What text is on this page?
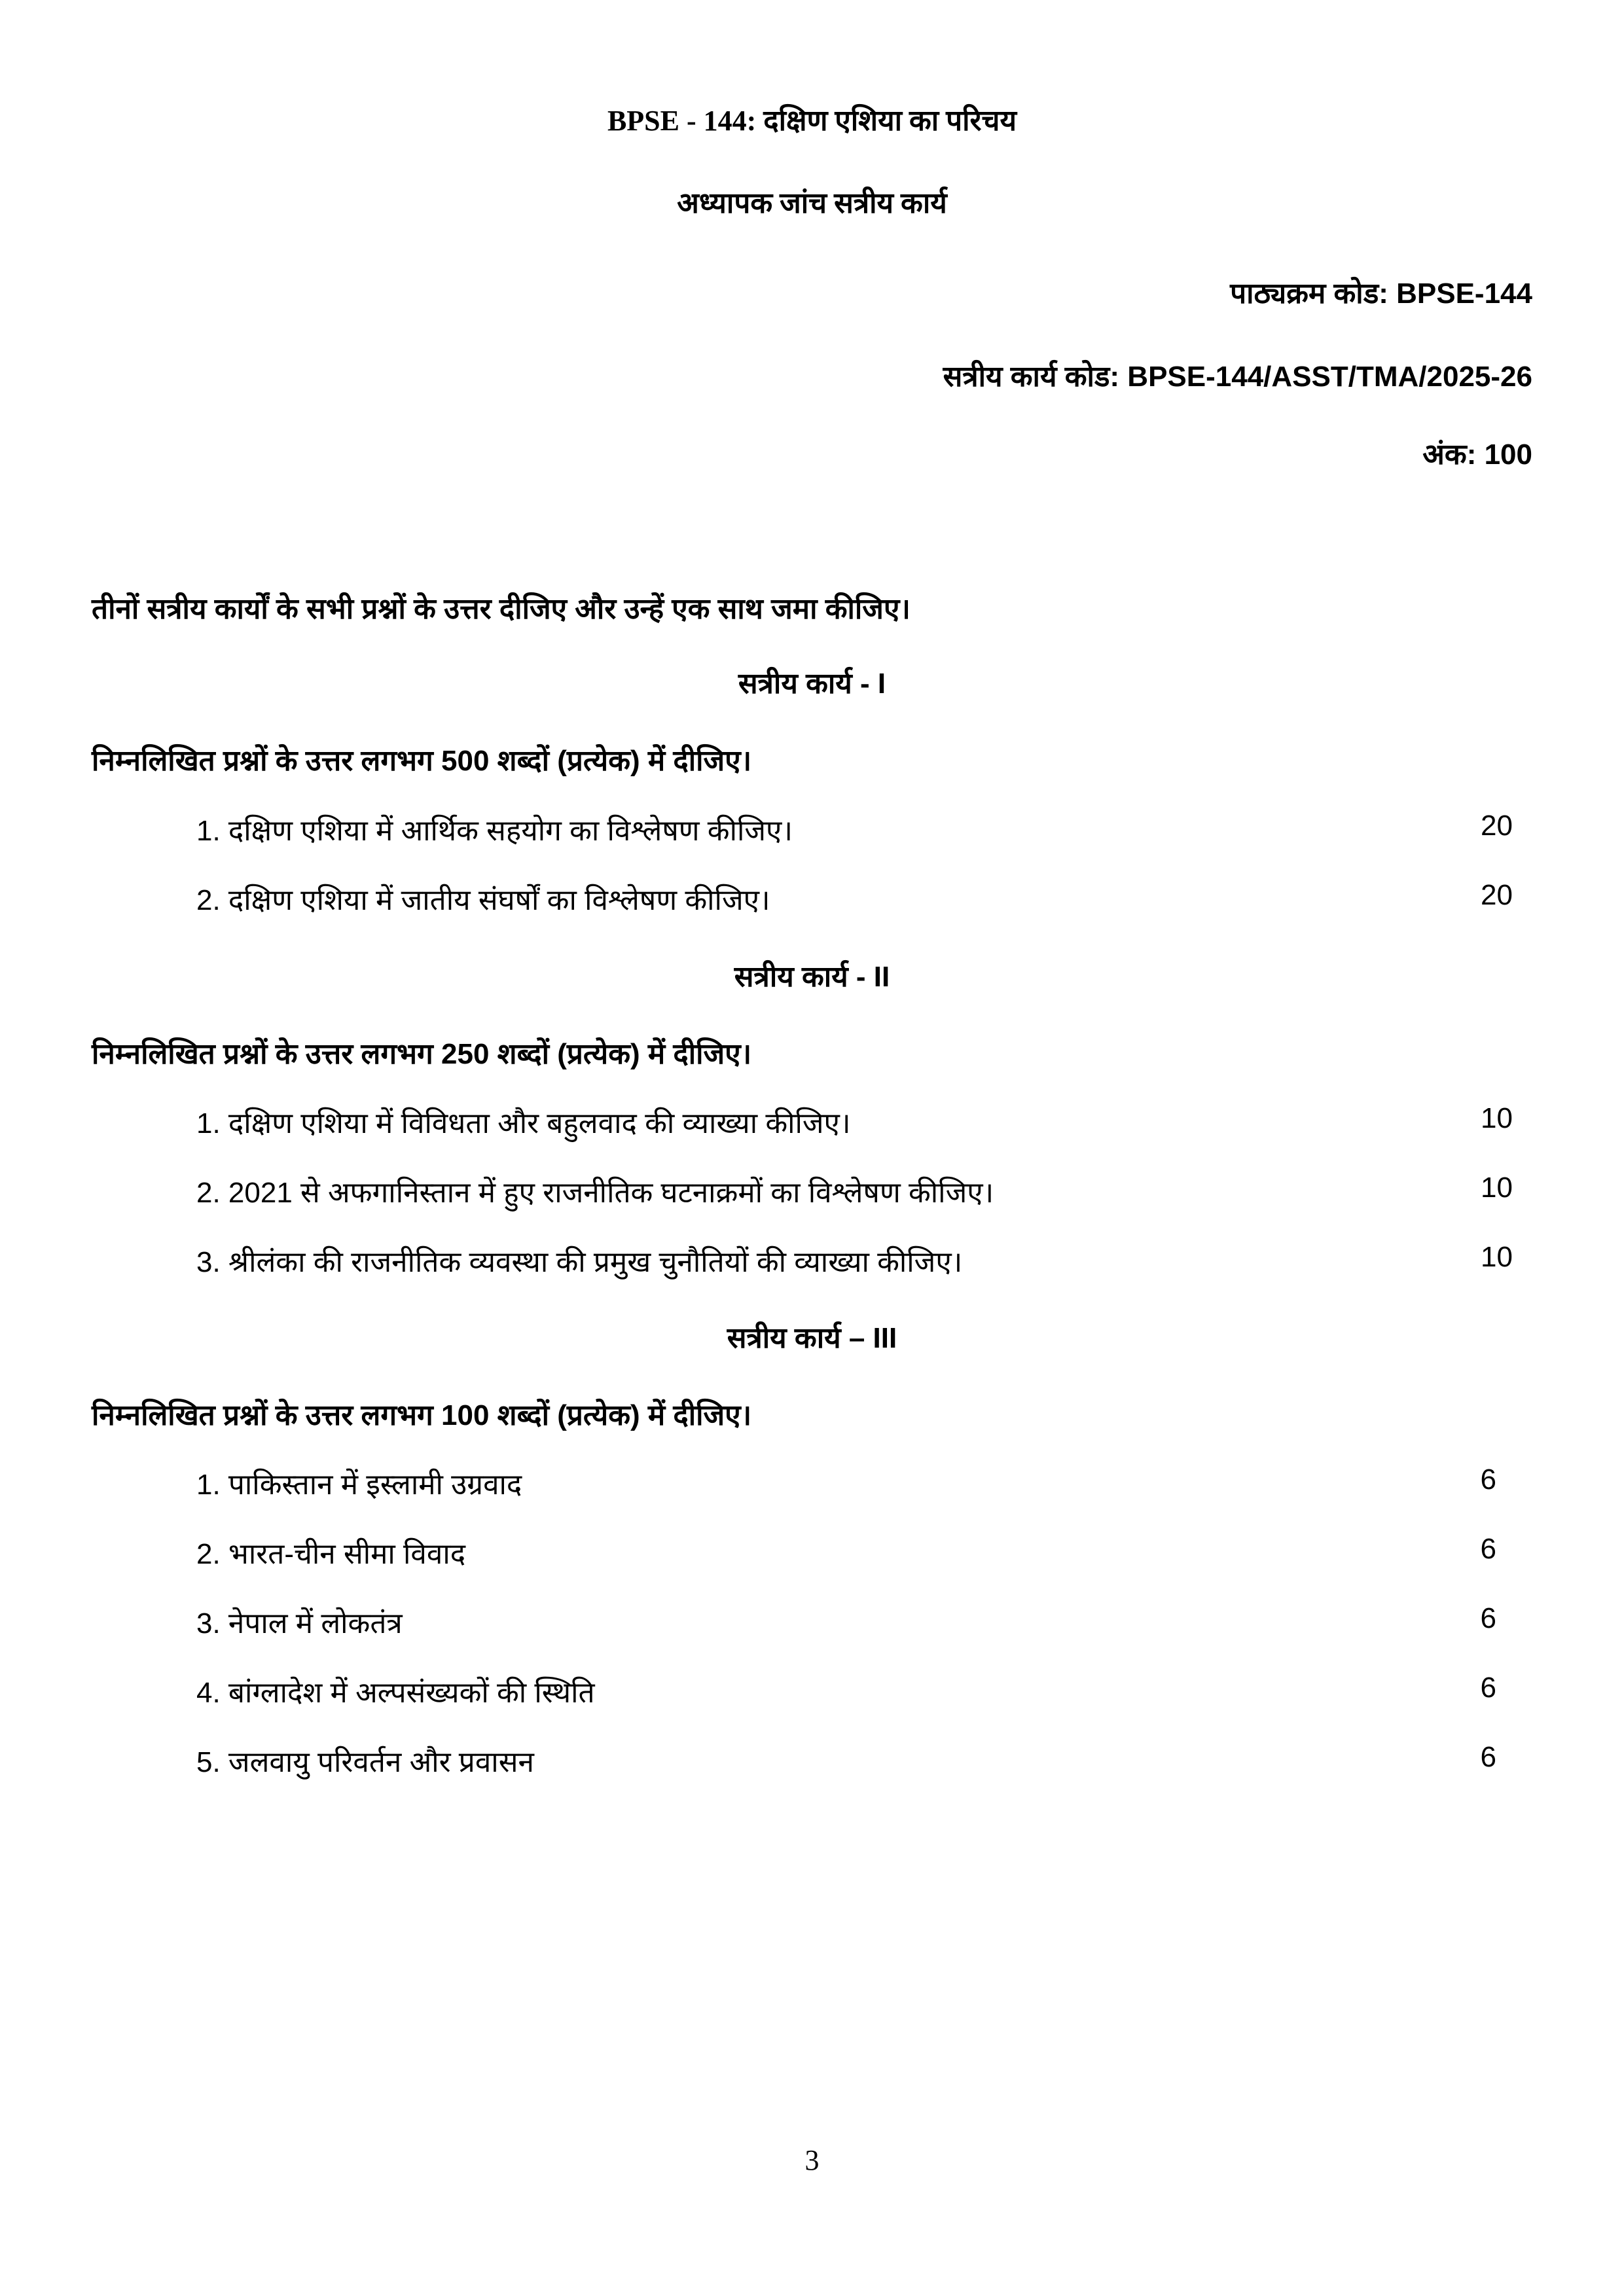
BPSE - 144: दक्षिण एशिया का परिचय
अध्यापक जांच सत्रीय कार्य
पाठ्यक्रम कोड: BPSE-144
सत्रीय कार्य कोड: BPSE-144/ASST/TMA/2025-26
अंक: 100
तीनों सत्रीय कार्यों के सभी प्रश्नों के उत्तर दीजिए और उन्हें एक साथ जमा कीजिए।
सत्रीय कार्य - I
निम्नलिखित प्रश्नों के उत्तर लगभग 500 शब्दों (प्रत्येक) में दीजिए।
1. दक्षिण एशिया में आर्थिक सहयोग का विश्लेषण कीजिए।	20
2. दक्षिण एशिया में जातीय संघर्षों का विश्लेषण कीजिए।	20
सत्रीय कार्य - II
निम्नलिखित प्रश्नों के उत्तर लगभग 250 शब्दों (प्रत्येक) में दीजिए।
1. दक्षिण एशिया में विविधता और बहुलवाद की व्याख्या कीजिए।	10
2. 2021 से अफगानिस्तान में हुए राजनीतिक घटनाक्रमों का विश्लेषण कीजिए।	10
3. श्रीलंका की राजनीतिक व्यवस्था की प्रमुख चुनौतियों की व्याख्या कीजिए।	10
सत्रीय कार्य – III
निम्नलिखित प्रश्नों के उत्तर लगभग 100 शब्दों (प्रत्येक) में दीजिए।
1. पाकिस्तान में इस्लामी उग्रवाद	6
2. भारत-चीन सीमा विवाद	6
3. नेपाल में लोकतंत्र	6
4. बांग्लादेश में अल्पसंख्यकों की स्थिति	6
5. जलवायु परिवर्तन और प्रवासन	6
3
